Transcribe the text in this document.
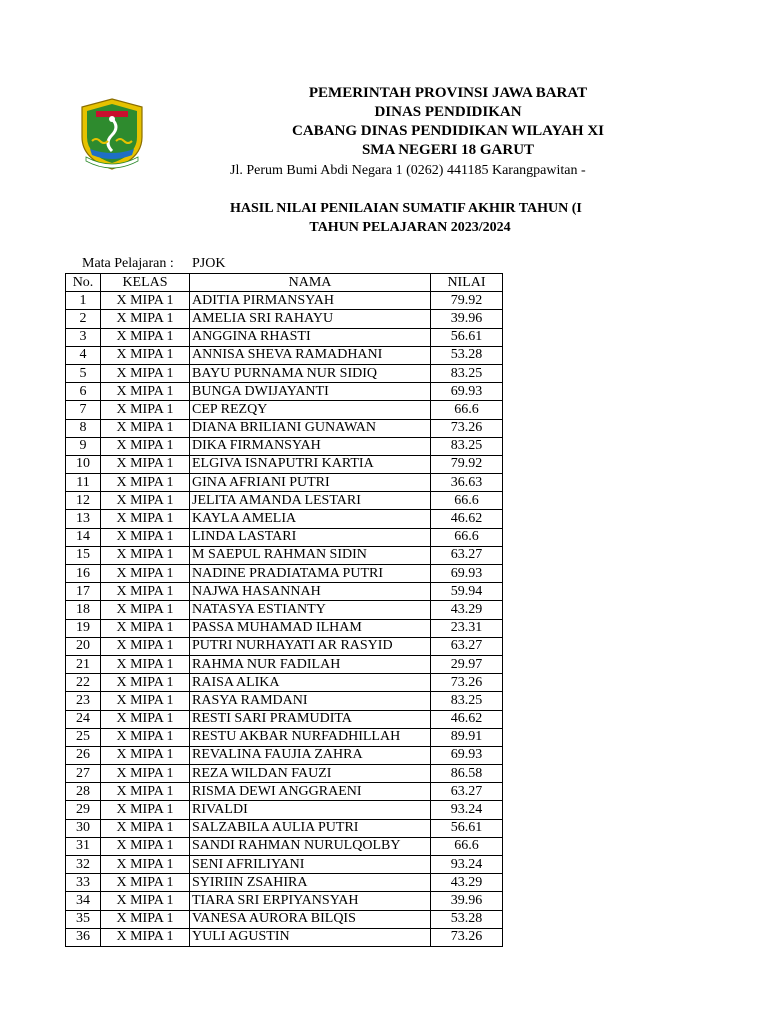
PEMERINTAH PROVINSI JAWA BARAT
DINAS PENDIDIKAN
CABANG DINAS PENDIDIKAN WILAYAH XI
SMA NEGERI 18 GARUT
Jl. Perum Bumi Abdi Negara 1 (0262) 441185 Karangpawitan -
HASIL NILAI PENILAIAN SUMATIF AKHIR TAHUN (I
TAHUN PELAJARAN 2023/2024
Mata Pelajaran : PJOK
No.	KELAS	NAMA	NILAI
1	X MIPA 1	ADITIA PIRMANSYAH	79.92
2	X MIPA 1	AMELIA SRI RAHAYU	39.96
3	X MIPA 1	ANGGINA RHASTI	56.61
4	X MIPA 1	ANNISA SHEVA RAMADHANI	53.28
5	X MIPA 1	BAYU PURNAMA NUR SIDIQ	83.25
6	X MIPA 1	BUNGA DWIJAYANTI	69.93
7	X MIPA 1	CEP REZQY	66.6
8	X MIPA 1	DIANA BRILIANI GUNAWAN	73.26
9	X MIPA 1	DIKA FIRMANSYAH	83.25
10	X MIPA 1	ELGIVA ISNAPUTRI KARTIA	79.92
11	X MIPA 1	GINA AFRIANI PUTRI	36.63
12	X MIPA 1	JELITA AMANDA LESTARI	66.6
13	X MIPA 1	KAYLA AMELIA	46.62
14	X MIPA 1	LINDA LASTARI	66.6
15	X MIPA 1	M SAEPUL RAHMAN SIDIN	63.27
16	X MIPA 1	NADINE PRADIATAMA PUTRI	69.93
17	X MIPA 1	NAJWA HASANNAH	59.94
18	X MIPA 1	NATASYA ESTIANTY	43.29
19	X MIPA 1	PASSA MUHAMAD ILHAM	23.31
20	X MIPA 1	PUTRI NURHAYATI AR RASYID	63.27
21	X MIPA 1	RAHMA NUR FADILAH	29.97
22	X MIPA 1	RAISA ALIKA	73.26
23	X MIPA 1	RASYA RAMDANI	83.25
24	X MIPA 1	RESTI SARI PRAMUDITA	46.62
25	X MIPA 1	RESTU AKBAR NURFADHILLAH	89.91
26	X MIPA 1	REVALINA FAUJIA ZAHRA	69.93
27	X MIPA 1	REZA WILDAN FAUZI	86.58
28	X MIPA 1	RISMA DEWI ANGGRAENI	63.27
29	X MIPA 1	RIVALDI	93.24
30	X MIPA 1	SALZABILA AULIA PUTRI	56.61
31	X MIPA 1	SANDI RAHMAN NURULQOLBY	66.6
32	X MIPA 1	SENI AFRILIYANI	93.24
33	X MIPA 1	SYIRIIN ZSAHIRA	43.29
34	X MIPA 1	TIARA SRI ERPIYANSYAH	39.96
35	X MIPA 1	VANESA AURORA BILQIS	53.28
36	X MIPA 1	YULI AGUSTIN	73.26
